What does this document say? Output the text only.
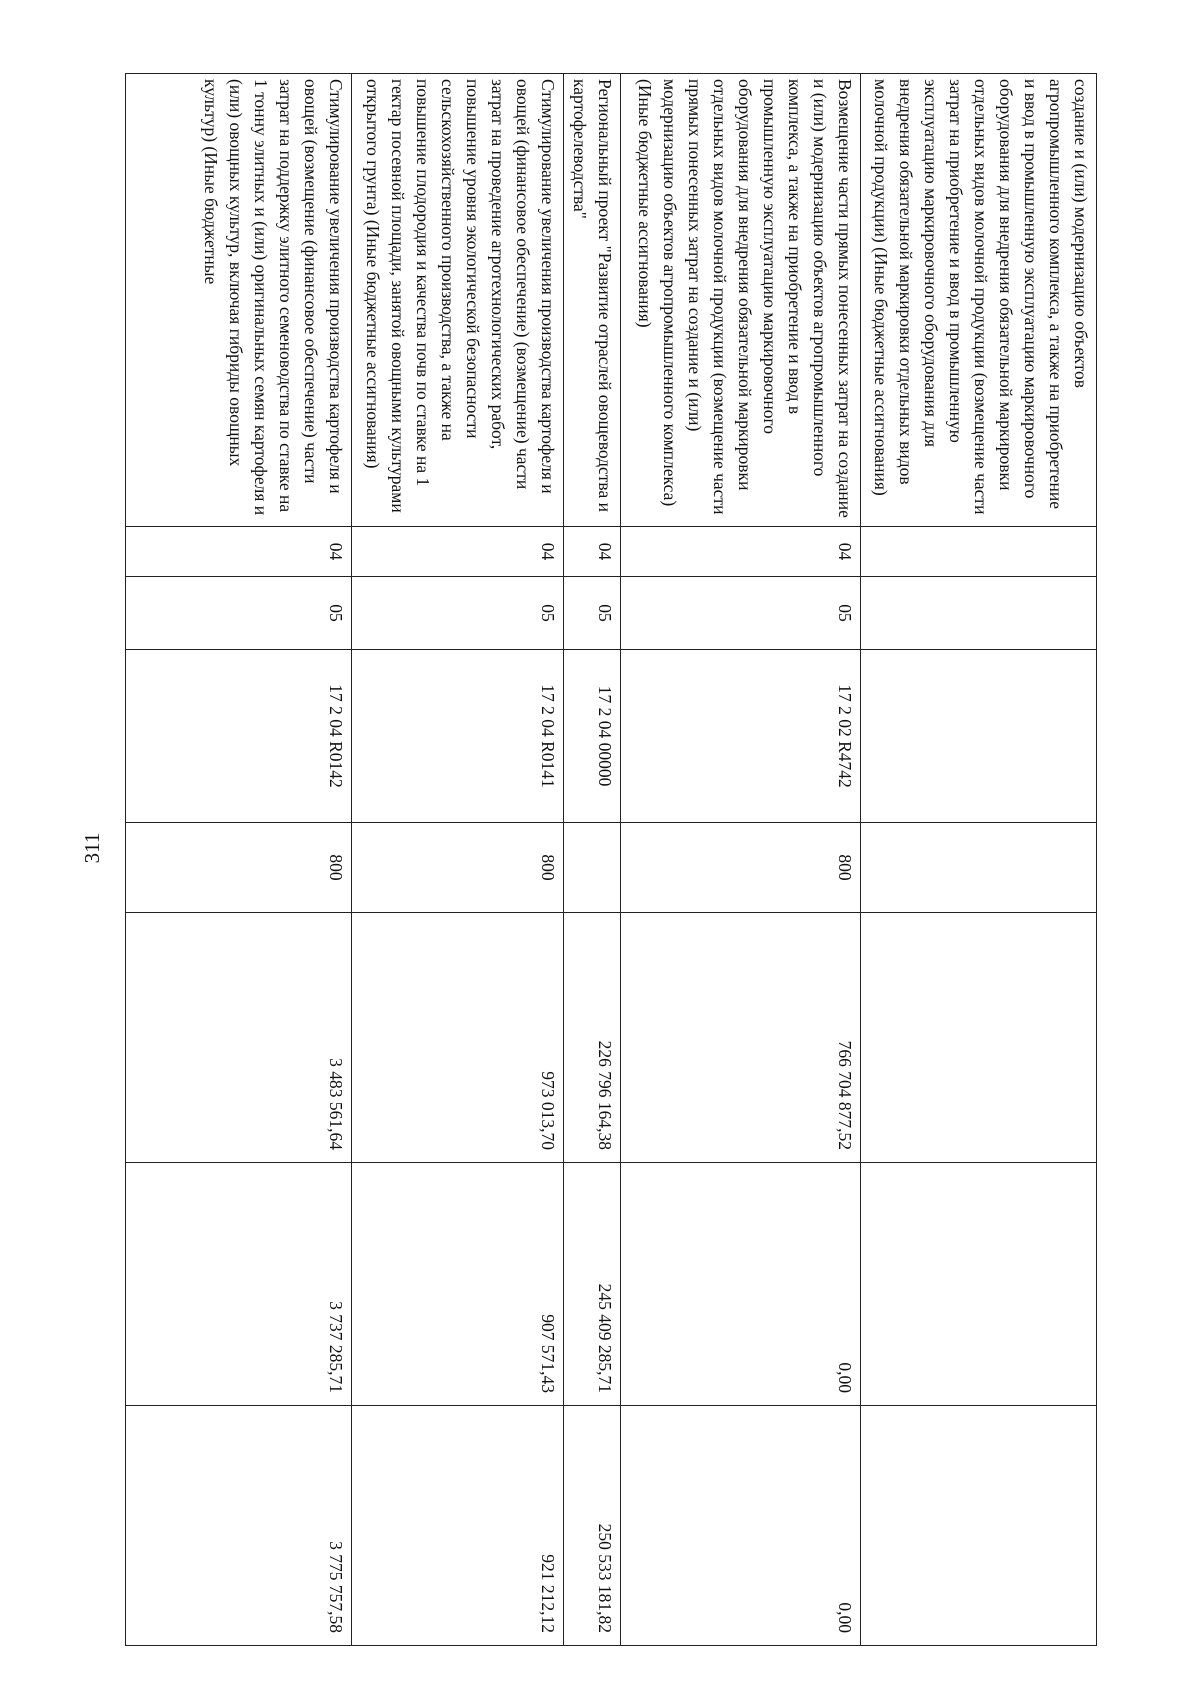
311
создание и (или) модернизацию объектов агропромышленного комплекса, а также на приобретение и ввод в промышленную эксплуатацию маркировочного оборудования для внедрения обязательной маркировки отдельных видов молочной продукции (возмещение части затрат на приобретение и ввод в промышленную эксплуатацию маркировочного оборудования для внедрения обязательной маркировки отдельных видов молочной продукции) (Иные бюджетные ассигнования)							
Возмещение части прямых понесенных затрат на создание и (или) модернизацию объектов агропромышленного комплекса, а также на приобретение и ввод в промышленную эксплуатацию маркировочного оборудования для внедрения обязательной маркировки отдельных видов молочной продукции (возмещение части прямых понесенных затрат на создание и (или) модернизацию объектов агропромышленного комплекса) (Иные бюджетные ассигнования)	04	05	17 2 02 R4742	800	766 704 877,52	0,00	0,00
Региональный проект "Развитие отраслей овощеводства и картофелеводства"	04	05	17 2 04 00000		226 796 164,38	245 409 285,71	250 533 181,82
Стимулирование увеличения производства картофеля и овощей (финансовое обеспечение) (возмещение) части затрат на проведение агротехнологических работ, повышение уровня экологической безопасности сельскохозяйственного производства, а также на повышение плодородия и качества почв по ставке на 1 гектар посевной площади, занятой овощными культурами открытого грунта) (Иные бюджетные ассигнования)	04	05	17 2 04 R0141	800	973 013,70	907 571,43	921 212,12
Стимулирование увеличения производства картофеля и овощей (возмещение (финансовое обеспечение) части затрат на поддержку элитного семеноводства по ставке на 1 тонну элитных и (или) оригинальных семян картофеля и (или) овощных культур, включая гибриды овощных культур) (Иные бюджетные	04	05	17 2 04 R0142	800	3 483 561,64	3 737 285,71	3 775 757,58
